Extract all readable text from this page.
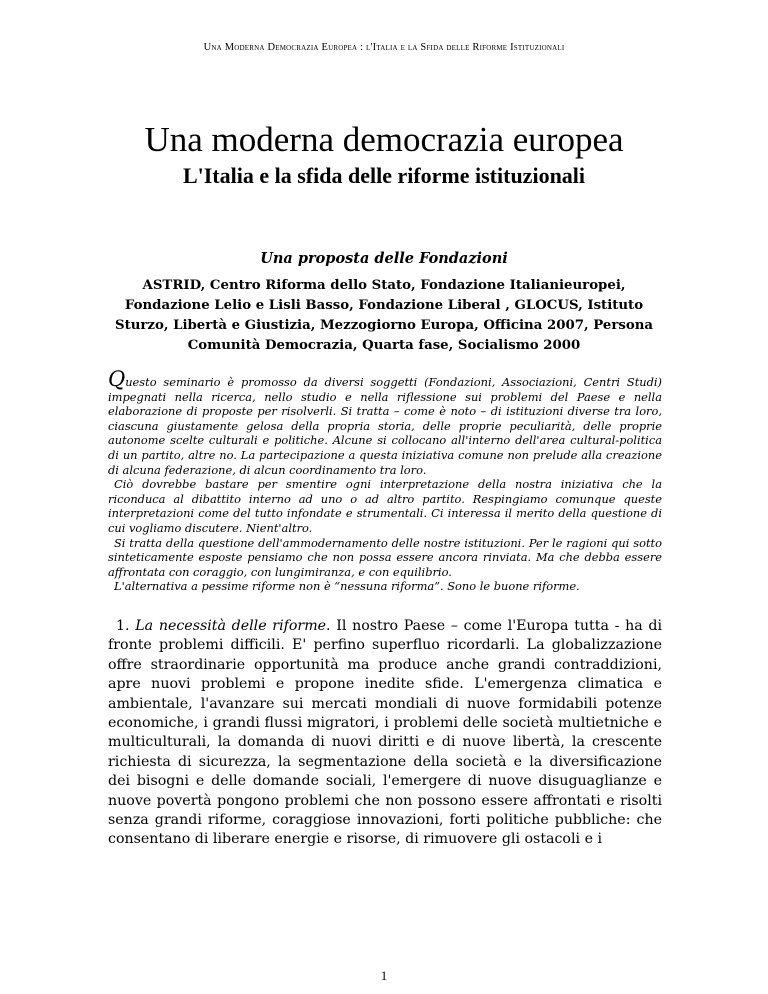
Una Moderna Democrazia Europea : l'Italia e la Sfida delle Riforme Istituzionali
Una moderna democrazia europea
L'Italia e la sfida delle riforme istituzionali
Una proposta delle Fondazioni
ASTRID, Centro Riforma dello Stato, Fondazione Italianieuropei, Fondazione Lelio e Lisli Basso, Fondazione Liberal , GLOCUS, Istituto Sturzo, Libertà e Giustizia, Mezzogiorno Europa, Officina 2007, Persona Comunità Democrazia, Quarta fase, Socialismo 2000

Questo seminario è promosso da diversi soggetti (Fondazioni, Associazioni, Centri Studi) impegnati nella ricerca, nello studio e nella riflessione sui problemi del Paese e nella elaborazione di proposte per risolverli. Si tratta – come è noto – di istituzioni diverse tra loro, ciascuna giustamente gelosa della propria storia, delle proprie peculiarità, delle proprie autonome scelte culturali e politiche. Alcune si collocano all'interno dell'area cultural-politica di un partito, altre no. La partecipazione a questa iniziativa comune non prelude alla creazione di alcuna federazione, di alcun coordinamento tra loro.

Ciò dovrebbe bastare per smentire ogni interpretazione della nostra iniziativa che la riconduca al dibattito interno ad uno o ad altro partito. Respingiamo comunque queste interpretazioni come del tutto infondate e strumentali. Ci interessa il merito della questione di cui vogliamo discutere. Nient'altro.

Si tratta della questione dell'ammodernamento delle nostre istituzioni. Per le ragioni qui sotto sinteticamente esposte pensiamo che non possa essere ancora rinviata. Ma che debba essere affrontata con coraggio, con lungimiranza, e con equilibrio.

L'alternativa a pessime riforme non è “nessuna riforma”. Sono le buone riforme.

1. La necessità delle riforme. Il nostro Paese – come l'Europa tutta - ha di fronte problemi difficili. E' perfino superfluo ricordarli. La globalizzazione offre straordinarie opportunità ma produce anche grandi contraddizioni, apre nuovi problemi e propone inedite sfide. L'emergenza climatica e ambientale, l'avanzare sui mercati mondiali di nuove formidabili potenze economiche, i grandi flussi migratori, i problemi delle società multietniche e multiculturali, la domanda di nuovi diritti e di nuove libertà, la crescente richiesta di sicurezza, la segmentazione della società e la diversificazione dei bisogni e delle domande sociali, l'emergere di nuove disuguaglianze e nuove povertà pongono problemi che non possono essere affrontati e risolti senza grandi riforme, coraggiose innovazioni, forti politiche pubbliche: che consentano di liberare energie e risorse, di rimuovere gli ostacoli e i

1
